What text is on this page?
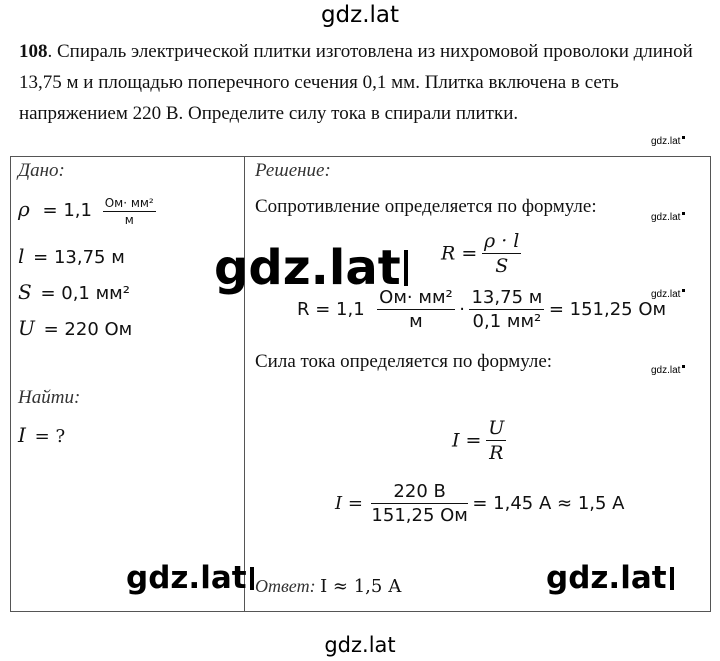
gdz.lat
108. Спираль электрической плитки изготовлена из нихромовой проволоки длиной 13,75 м и площадью поперечного сечения 0,1 мм. Плитка включена в сеть напряжением 220 В. Определите силу тока в спирали плитки.
gdz.lat
gdz.lat
gdz.lat
gdz.lat
Дано:
$\rho = 1,1 \frac{\text{Ом· мм²}}{м}$
l = 13,75 м
S = 0,1 мм²
U = 220 Ом
Найти:
I = ?
Решение:
Сопротивление определяется по формуле:
$R = \frac{\rho \cdot l}{S}$
$R = 1,1 \frac{\text{Ом· мм²}}{м} \cdot \frac{13,75 м}{\text{0,1 мм²}} = 151,25$ Ом
Сила тока определяется по формуле:
$I = \frac{U}{R}$
$I = \frac{220 В}{151,25 Ом} = 1,45$ А ≈ 1,5 А
Ответ: I ≈ 1,5 А
gdz.lat
gdz.lat	gdz.lat
gdz.lat
